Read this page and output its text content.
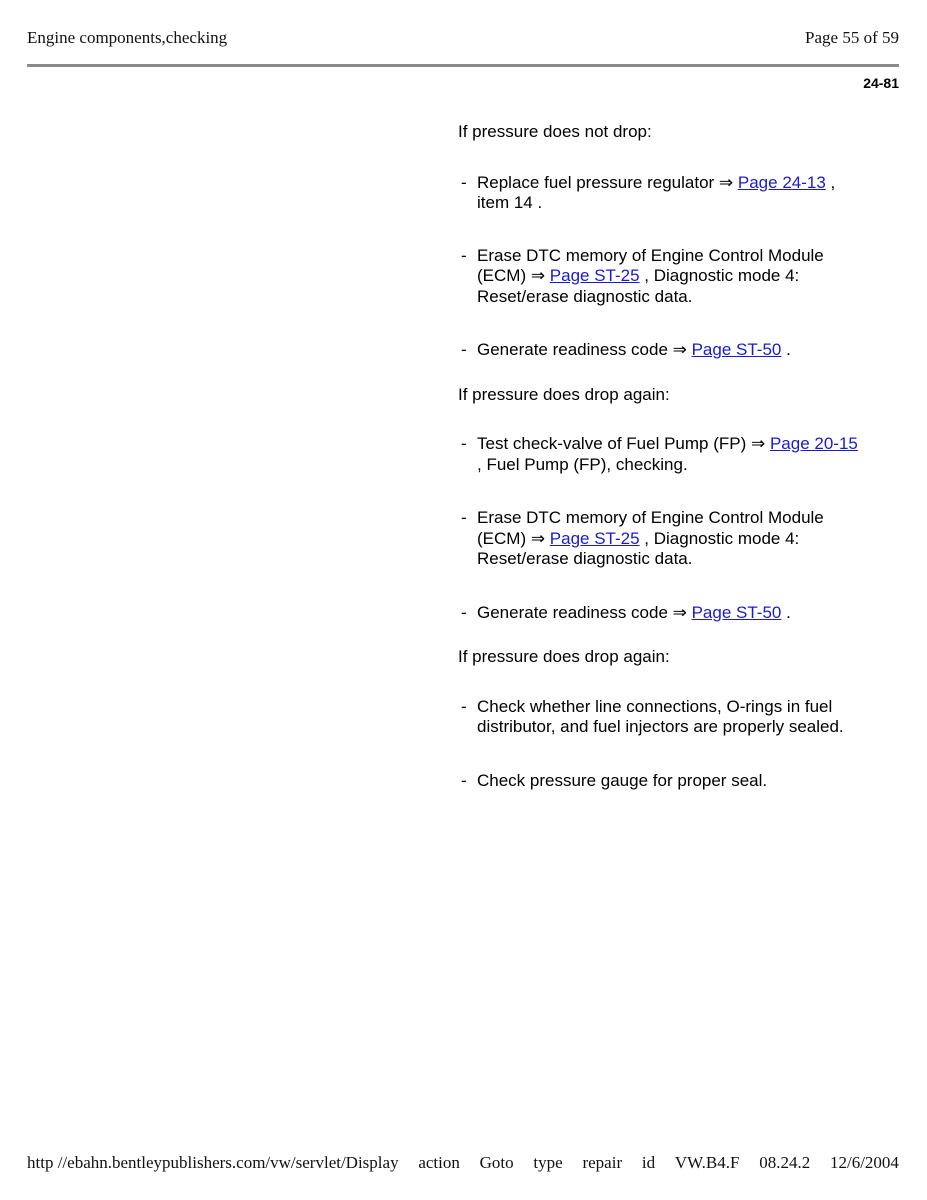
Engine components,checking	Page 55 of 59
24-81

If pressure does not drop:

- Replace fuel pressure regulator ⇒ Page 24-13 , item 14 .
- Erase DTC memory of Engine Control Module (ECM) ⇒ Page ST-25 , Diagnostic mode 4: Reset/erase diagnostic data.
- Generate readiness code ⇒ Page ST-50 .

If pressure does drop again:

- Test check-valve of Fuel Pump (FP) ⇒ Page 20-15 , Fuel Pump (FP), checking.
- Erase DTC memory of Engine Control Module (ECM) ⇒ Page ST-25 , Diagnostic mode 4: Reset/erase diagnostic data.
- Generate readiness code ⇒ Page ST-50 .

If pressure does drop again:

- Check whether line connections, O-rings in fuel distributor, and fuel injectors are properly sealed.
- Check pressure gauge for proper seal.
http //ebahn.bentleypublishers.com/vw/servlet/Display action Goto type repair id VW.B4.F 08.24.2 12/6/2004
